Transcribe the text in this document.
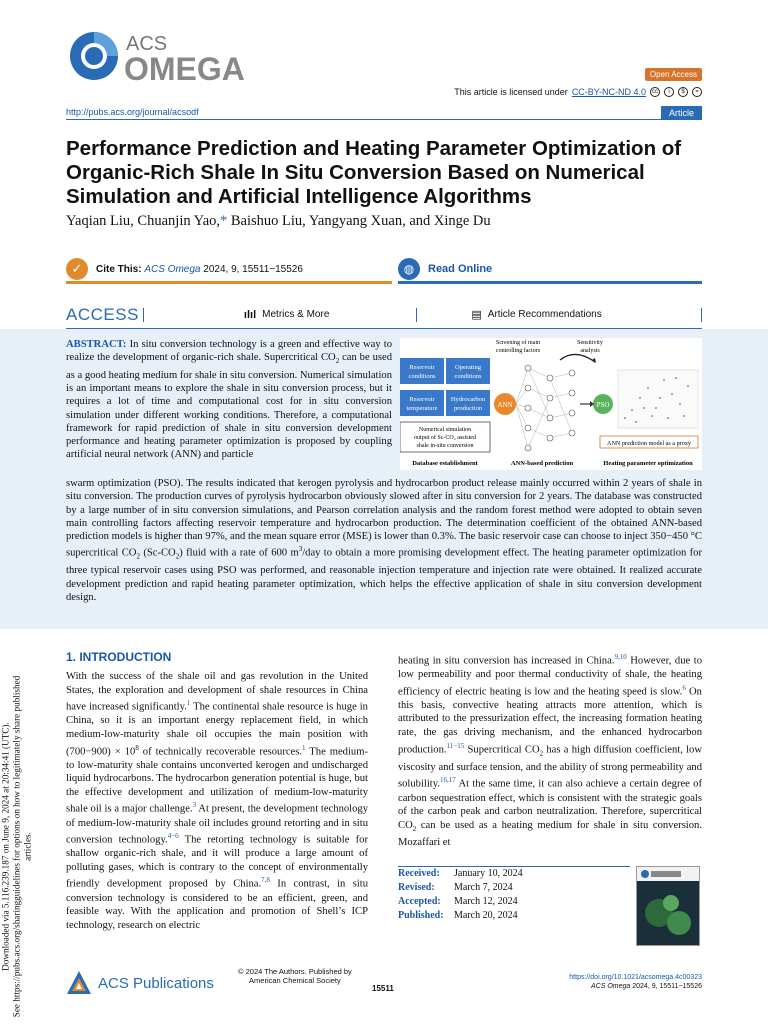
ACS
OMEGA	Open Access
This article is licensed under CC-BY-NC-ND 4.0	cc	i	$	=
http://pubs.acs.org/journal/acsodf	Article
Performance Prediction and Heating Parameter Optimization of Organic-Rich Shale In Situ Conversion Based on Numerical Simulation and Artificial Intelligence Algorithms
Yaqian Liu, Chuanjin Yao,* Baishuo Liu, Yangyang Xuan, and Xinge Du
✓	Cite This: ACS Omega 2024, 9, 15511−15526	◍	Read Online
ACCESS	ılıl Metrics & More	▤ Article Recommendations
ABSTRACT: In situ conversion technology is a green and effective way to realize the development of organic-rich shale. Supercritical $CO_2$ can be used as a good heating medium for shale in situ conversion. Numerical simulation is an important means to explore the shale in situ conversion process, but it requires a lot of time and computational cost for in situ conversion simulation under different working conditions. Therefore, a computational framework for rapid prediction of shale in situ conversion development performance and heating parameter optimization is proposed by coupling artificial neural network (ANN) and particle
swarm optimization (PSO). The results indicated that kerogen pyrolysis and hydrocarbon product release mainly occurred within 2 years of shale in situ conversion. The production curves of pyrolysis hydrocarbon obviously slowed after in situ conversion for 2 years. The database was constructed by a large number of in situ conversion simulations, and Pearson correlation analysis and the random forest method were adopted to obtain seven main controlling factors affecting reservoir temperature and hydrocarbon production. The determination coefficient of the obtained ANN-based prediction models is higher than 97%, and the mean square error (MSE) is lower than 0.3%. The basic reservoir case can choose to inject 350−450 °C supercritical $CO_2$ $(Sc-CO_2)$ fluid with a rate of 600 $m^3$/day to obtain a more promising development effect. The heating parameter optimization for three typical reservoir cases using PSO was performed, and reasonable injection temperature and injection rate were obtained. It realized accurate development prediction and rapid heating parameter optimization, which helps the effective application of shale in situ conversion development design.
Reservoir
conditions
Operating
conditions
Reservoir
temperature
Hydrocarbon
production
Numerical simulation
output of Sc-CO₂ assisted
shale in-situ conversion
ANN
Screening of main
controlling factors
Sensitivity
analysis
PSO
ANN prediction model as a proxy
Database establishment	ANN-based prediction	Heating parameter optimization
Downloaded via 5.116.239.187 on June 9, 2024 at 20:34:41 (UTC).
See https://pubs.acs.org/sharingguidelines for options on how to legitimately share published articles.
1. INTRODUCTION
With the success of the shale oil and gas revolution in the United States, the exploration and development of shale resources in China have increased significantly.$^1$ The continental shale resource is huge in China, so it is an important energy replacement field, in which medium-low-maturity shale oil occupies the main position with $(700-900) \times 10^8$ of technically recoverable resources.$^1$ The medium- to low-maturity shale contains unconverted kerogen and undischarged liquid hydrocarbons. The hydrocarbon generation potential is huge, but the effective development and utilization of medium-low-maturity shale oil is a major challenge.$^3$ At present, the development technology of medium-low-maturity shale oil includes ground retorting and in situ conversion technology.$^{4-6}$ The retorting technology is suitable for shallow organic-rich shale, and it will produce a large amount of polluting gases, which is contrary to the concept of environmentally friendly development proposed by China.$^{7,8}$ In contrast, in situ conversion technology is considered to be an efficient, green, and feasible way. With the application and promotion of Shell’s ICP technology, research on electric
heating in situ conversion has increased in China.$^{9,10}$ However, due to low permeability and poor thermal conductivity of shale, the heating efficiency of electric heating is low and the heating speed is slow.$^6$ On this basis, convective heating attracts more attention, which is attributed to the pressurization effect, the increasing formation heating rate, the gas driving mechanism, and the enhanced hydrocarbon production.$^{11-15}$ Supercritical $CO_2$ has a high diffusion coefficient, low viscosity and surface tension, and the ability of strong permeability and solubility.$^{16,17}$ At the same time, it can also achieve a certain degree of carbon sequestration effect, which is consistent with the strategic goals of the carbon peak and carbon neutralization. Therefore, supercritical $CO_2$ can be used as a heating medium for shale in situ conversion. Mozaffari et
Received:	January 10, 2024
Revised:	March 7, 2024
Accepted:	March 12, 2024
Published:	March 20, 2024
ACS Publications
© 2024 The Authors. Published by
American Chemical Society
15511
https://doi.org/10.1021/acsomega.4c00323
ACS Omega 2024, 9, 15511−15526
